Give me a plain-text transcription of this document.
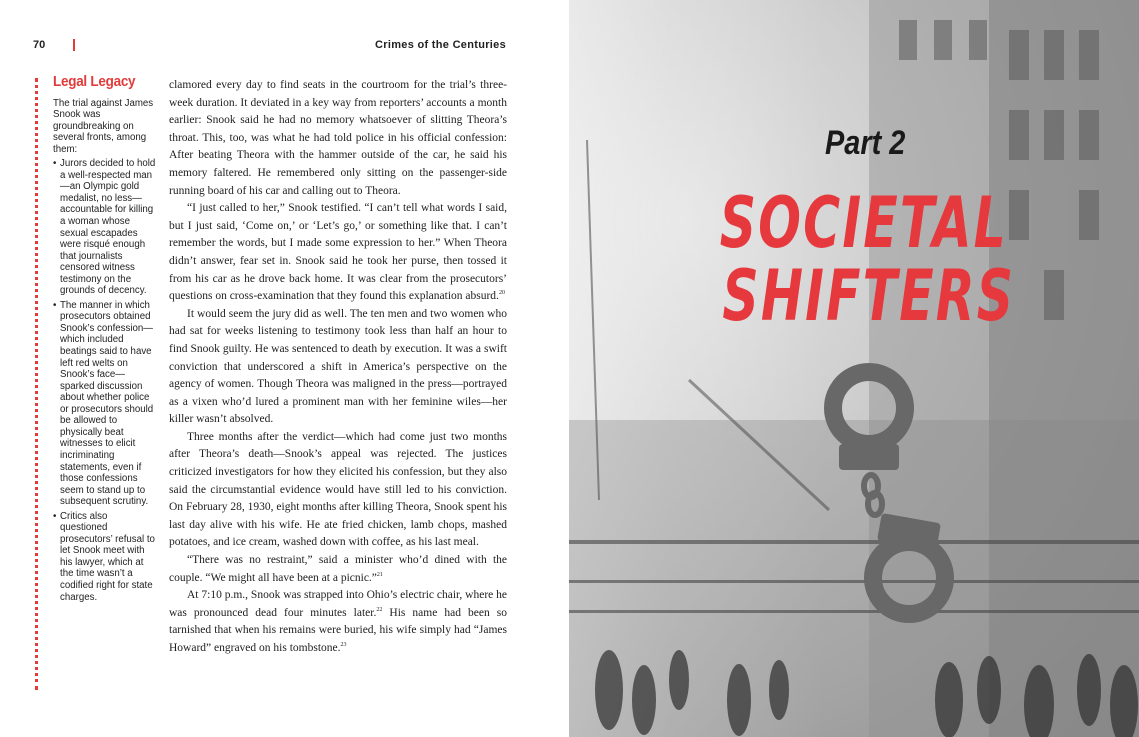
70	Crimes of the Centuries
Legal Legacy

The trial against James Snook was groundbreaking on several fronts, among them:

• Jurors decided to hold a well-respected man—an Olympic gold medalist, no less—accountable for killing a woman whose sexual escapades were risqué enough that journalists censored witness testimony on the grounds of decency.
• The manner in which prosecutors obtained Snook’s confession—which included beatings said to have left red welts on Snook’s face—sparked discussion about whether police or prosecutors should be allowed to physically beat witnesses to elicit incriminating statements, even if those confessions seem to stand up to subsequent scrutiny.
• Critics also questioned prosecutors’ refusal to let Snook meet with his lawyer, which at the time wasn’t a codified right for state charges.

clamored every day to find seats in the courtroom for the trial’s three-week duration. It deviated in a key way from reporters’ accounts a month earlier: Snook said he had no memory whatsoever of slitting Theora’s throat. This, too, was what he had told police in his official confession: After beating Theora with the hammer outside of the car, he said his memory faltered. He remembered only sitting on the passenger-side running board of his car and calling out to Theora.

“I just called to her,” Snook testified. “I can’t tell what words I said, but I just said, ‘Come on,’ or ‘Let’s go,’ or something like that. I can’t remember the words, but I made some expression to her.” When Theora didn’t answer, fear set in. Snook said he took her purse, then tossed it from his car as he drove back home. It was clear from the prosecutors’ questions on cross-examination that they found this explanation absurd.$^{20}$

It would seem the jury did as well. The ten men and two women who had sat for weeks listening to testimony took less than half an hour to find Snook guilty. He was sentenced to death by execution. It was a swift conviction that underscored a shift in America’s perspective on the agency of women. Though Theora was maligned in the press—portrayed as a vixen who’d lured a prominent man with her feminine wiles—her killer wasn’t absolved.

Three months after the verdict—which had come just two months after Theora’s death—Snook’s appeal was rejected. The justices criticized investigators for how they elicited his confession, but they also said the circumstantial evidence would have still led to his conviction. On February 28, 1930, eight months after killing Theora, Snook spent his last day alive with his wife. He ate fried chicken, lamb chops, mashed potatoes, and ice cream, washed down with coffee, as his last meal.

“There was no restraint,” said a minister who’d dined with the couple. “We might all have been at a picnic.”$^{21}$

At 7:10 p.m., Snook was strapped into Ohio’s electric chair, where he was pronounced dead four minutes later.$^{22}$ His name had been so tarnished that when his remains were buried, his wife simply had “James Howard” engraved on his tombstone.$^{23}$

Part 2
SOCIETAL
SHIFTERS
